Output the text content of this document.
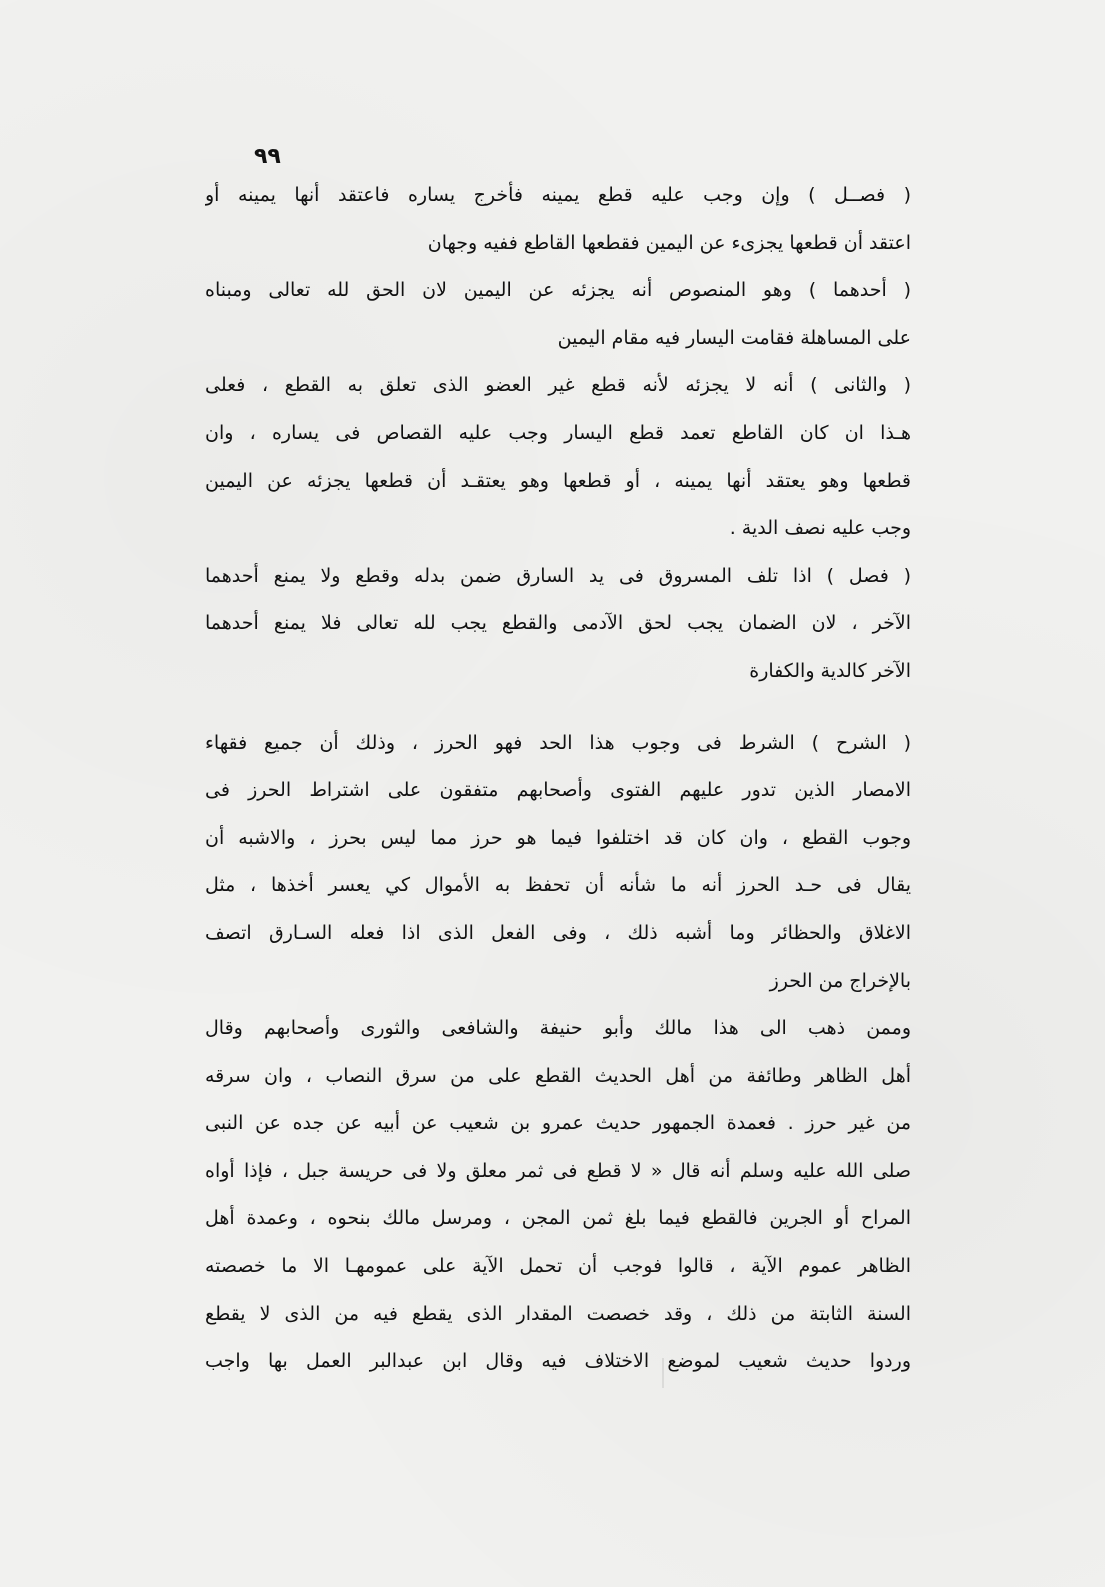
٩٩
( فصــل ) وإن وجب عليه قطع يمينه فأخرج يساره فاعتقد أنها يمينه أو
اعتقد أن قطعها يجزىء عن اليمين فقطعها القاطع ففيه وجهان
( أحدهما ) وهو المنصوص أنه يجزئه عن اليمين لان الحق لله تعالى ومبناه
على المساهلة فقامت اليسار فيه مقام اليمين
( والثانى ) أنه لا يجزئه لأنه قطع غير العضو الذى تعلق به القطع ، فعلى
هـذا ان كان القاطع تعمد قطع اليسار وجب عليه القصاص فى يساره ، وان
قطعها وهو يعتقد أنها يمينه ، أو قطعها وهو يعتقـد أن قطعها يجزئه عن اليمين
وجب عليه نصف الدية .
( فصل ) اذا تلف المسروق فى يد السارق ضمن بدله وقطع ولا يمنع أحدهما
الآخر ، لان الضمان يجب لحق الآدمى والقطع يجب لله تعالى فلا يمنع أحدهما
الآخر كالدية والكفارة
( الشرح ) الشرط فى وجوب هذا الحد فهو الحرز ، وذلك أن جميع فقهاء
الامصار الذين تدور عليهم الفتوى وأصحابهم متفقون على اشتراط الحرز فى
وجوب القطع ، وان كان قد اختلفوا فيما هو حرز مما ليس بحرز ، والاشبه أن
يقال فى حـد الحرز أنه ما شأنه أن تحفظ به الأموال كي يعسر أخذها ، مثل
الاغلاق والحظائر وما أشبه ذلك ، وفى الفعل الذى اذا فعله السـارق اتصف
بالإخراج من الحرز
وممن ذهب الى هذا مالك وأبو حنيفة والشافعى والثورى وأصحابهم وقال
أهل الظاهر وطائفة من أهل الحديث القطع على من سرق النصاب ، وان سرقه
من غير حرز . فعمدة الجمهور حديث عمرو بن شعيب عن أبيه عن جده عن النبى
صلى الله عليه وسلم أنه قال « لا قطع فى ثمر معلق ولا فى حريسة جبل ، فإذا أواه
المراح أو الجرين فالقطع فيما بلغ ثمن المجن ، ومرسل مالك بنحوه ، وعمدة أهل
الظاهر عموم الآية ، قالوا فوجب أن تحمل الآية على عمومهـا الا ما خصصته
السنة الثابتة من ذلك ، وقد خصصت المقدار الذى يقطع فيه من الذى لا يقطع
وردوا حديث شعيب لموضع الاختلاف فيه وقال ابن عبدالبر العمل بها واجب
